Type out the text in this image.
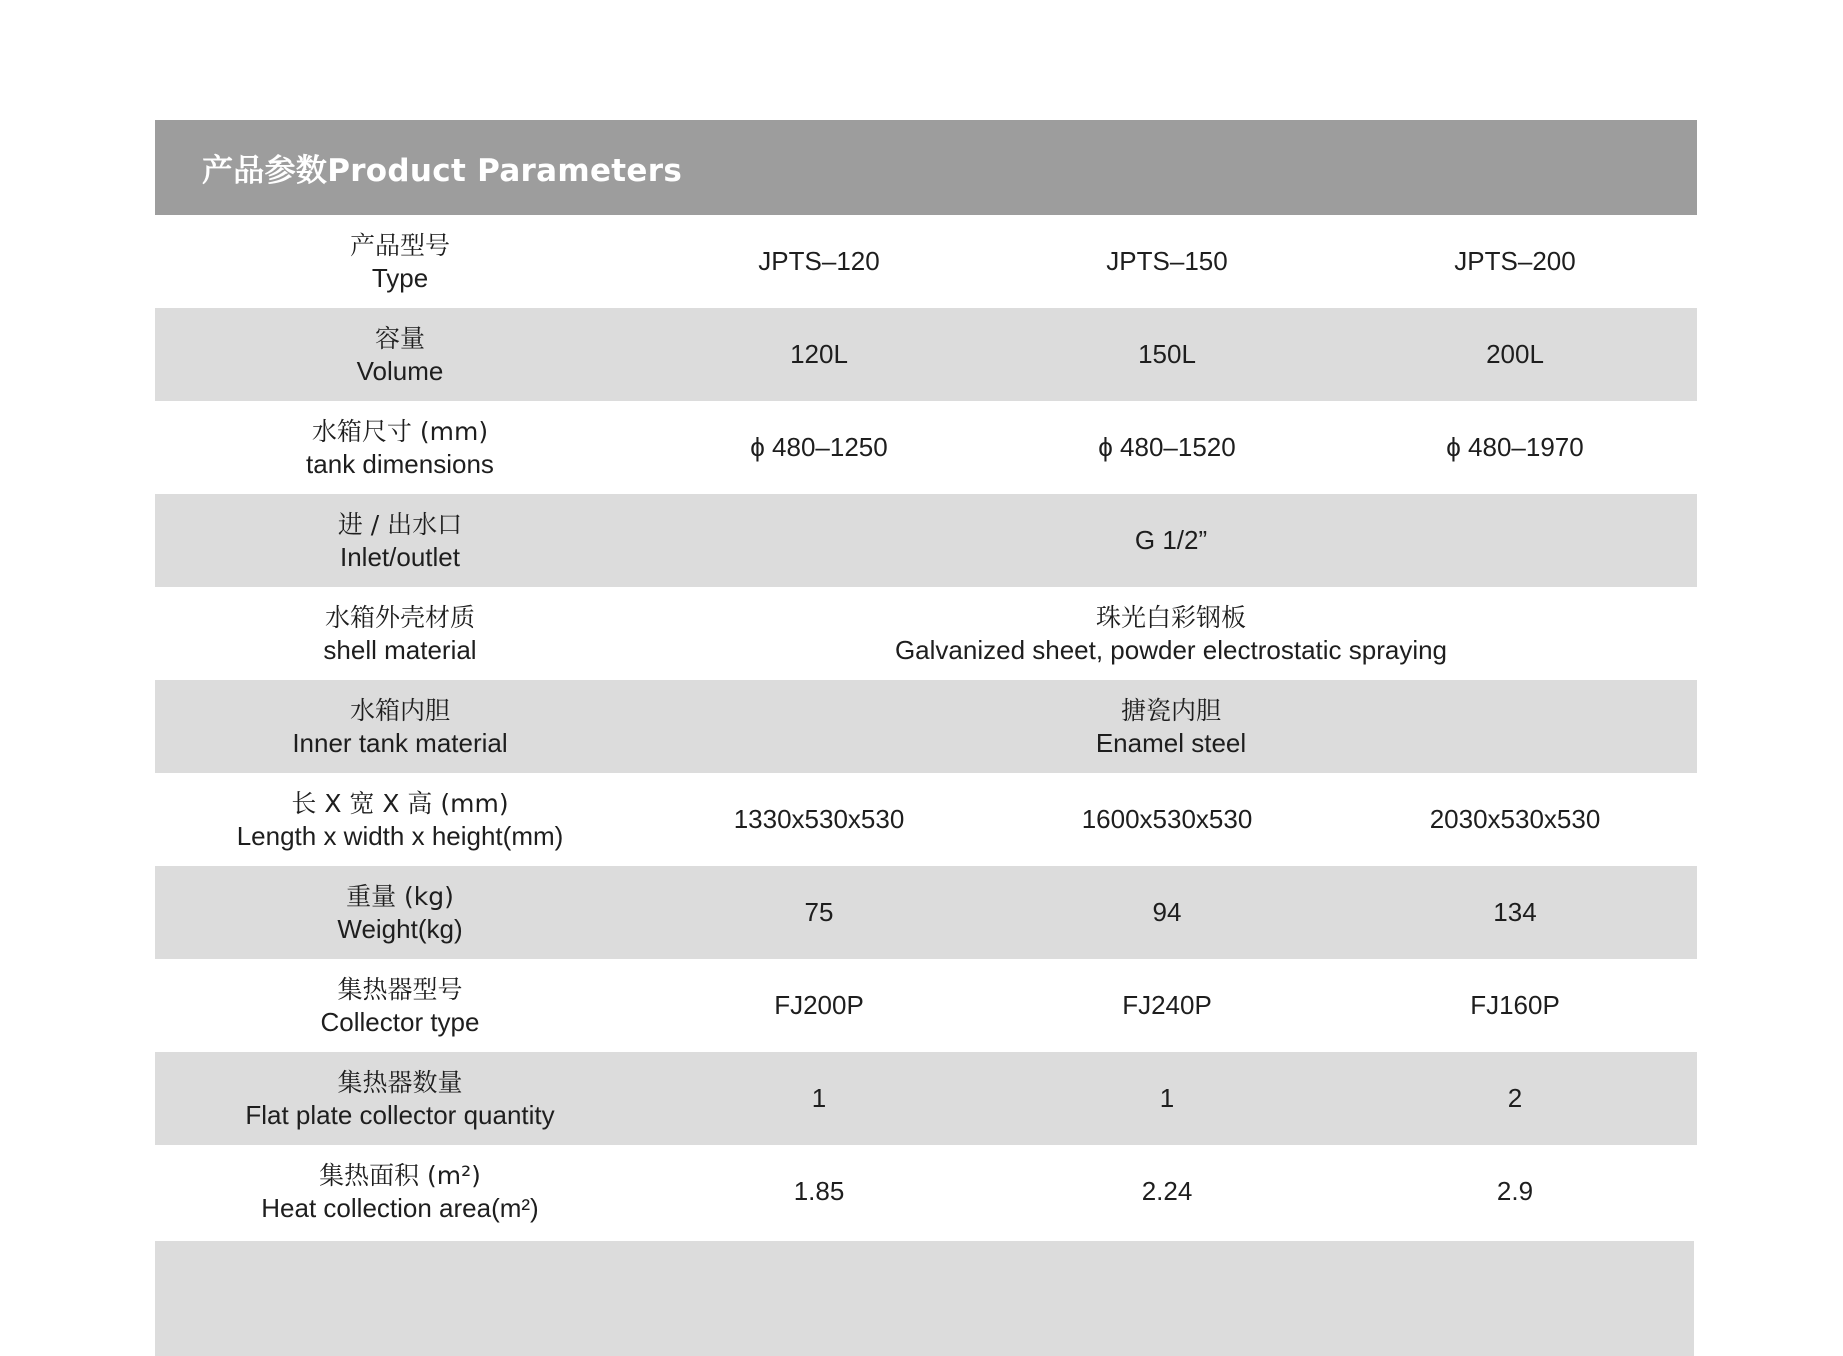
产品参数Product Parameters
产品型号
Type
JPTS–120	JPTS–150	JPTS–200
容量
Volume
120L	150L	200L
水箱尺寸 (mm)
tank dimensions
ϕ 480–1250	ϕ 480–1520	ϕ 480–1970
进 / 出水口
Inlet/outlet
G 1/2”
水箱外壳材质
shell material
珠光白彩钢板
Galvanized sheet, powder electrostatic spraying
水箱内胆
Inner tank material
搪瓷内胆
Enamel steel
长 X 宽 X 高 (mm)
Length x width x height(mm)
1330x530x530	1600x530x530	2030x530x530
重量 (kg)
Weight(kg)
75	94	134
集热器型号
Collector type
FJ200P	FJ240P	FJ160P
集热器数量
Flat plate collector quantity
1	1	2
集热面积 (m²)
Heat collection area(m²)
1.85	2.24	2.9
